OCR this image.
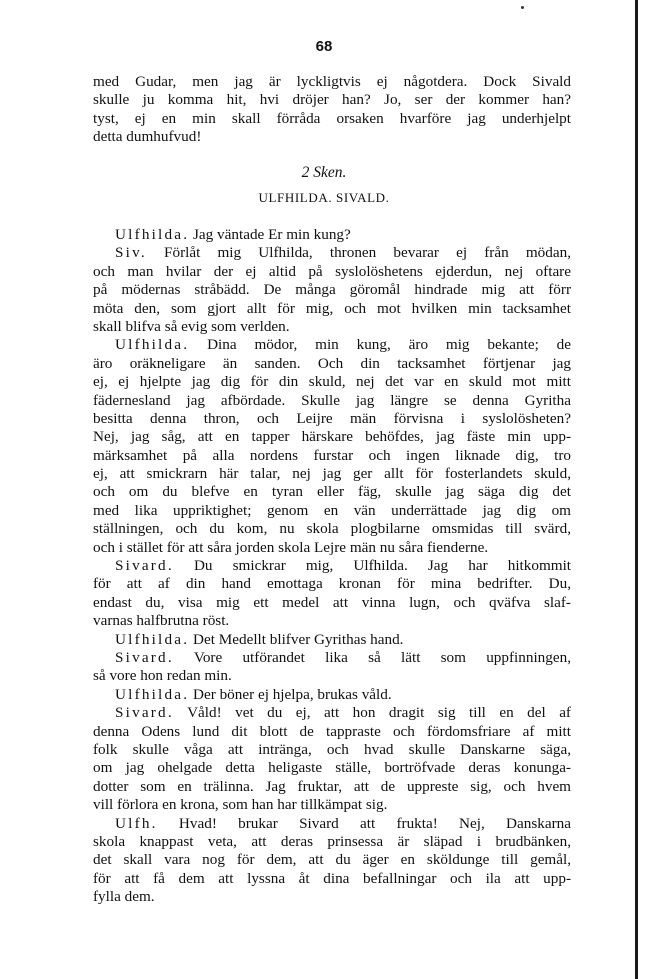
68
med Gudar, men jag är lyckligtvis ej någotdera. Dock Sivald
skulle ju komma hit, hvi dröjer han? Jo, ser der kommer han?
tyst, ej en min skall förråda orsaken hvarföre jag underhjelpt
detta dumhufvud!
2 Sken.
ULFHILDA. SIVALD.
Ulfhilda. Jag väntade Er min kung?
Siv. Förlåt mig Ulfhilda, thronen bevarar ej från mödan,
och man hvilar der ej altid på syslolöshetens ejderdun, nej oftare
på mödernas stråbädd. De många göromål hindrade mig att förr
möta den, som gjort allt för mig, och mot hvilken min tacksamhet
skall blifva så evig som verlden.
Ulfhilda. Dina mödor, min kung, äro mig bekante; de
äro oräkneligare än sanden. Och din tacksamhet förtjenar jag
ej, ej hjelpte jag dig för din skuld, nej det var en skuld mot mitt
fädernesland jag afbördade. Skulle jag längre se denna Gyritha
besitta denna thron, och Leijre män förvisna i syslolösheten?
Nej, jag såg, att en tapper härskare behöfdes, jag fäste min upp-
märksamhet på alla nordens furstar och ingen liknade dig, tro
ej, att smickrarn här talar, nej jag ger allt för fosterlandets skuld,
och om du blefve en tyran eller fäg, skulle jag säga dig det
med lika uppriktighet; genom en vän underrättade jag dig om
ställningen, och du kom, nu skola plogbilarne omsmidas till svärd,
och i stället för att såra jorden skola Lejre män nu såra fienderne.
Sivard. Du smickrar mig, Ulfhilda. Jag har hitkommit
för att af din hand emottaga kronan för mina bedrifter. Du,
endast du, visa mig ett medel att vinna lugn, och qväfva slaf-
varnas halfbrutna röst.
Ulfhilda. Det Medellt blifver Gyrithas hand.
Sivard. Vore utförandet lika så lätt som uppfinningen,
så vore hon redan min.
Ulfhilda. Der böner ej hjelpa, brukas våld.
Sivard. Våld! vet du ej, att hon dragit sig till en del af
denna Odens lund dit blott de tappraste och fördomsfriare af mitt
folk skulle våga att intränga, och hvad skulle Danskarne säga,
om jag ohelgade detta heligaste ställe, bortröfvade deras konunga-
dotter som en trälinna. Jag fruktar, att de uppreste sig, och hvem
vill förlora en krona, som han har tillkämpat sig.
Ulfh. Hvad! brukar Sivard att frukta! Nej, Danskarna
skola knappast veta, att deras prinsessa är släpad i brudbänken,
det skall vara nog för dem, att du äger en sköldunge till gemål,
för att få dem att lyssna åt dina befallningar och ila att upp-
fylla dem.
